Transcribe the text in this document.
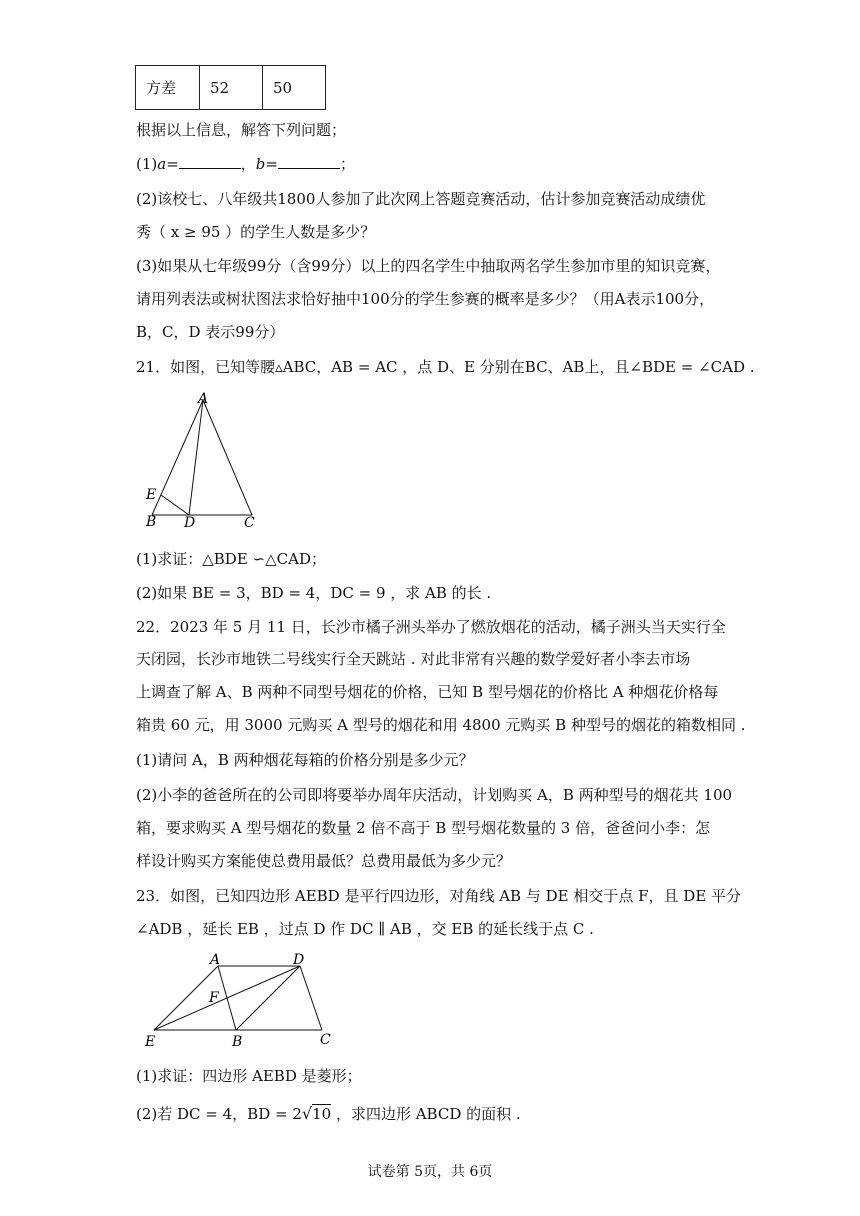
方差	52	50
根据以上信息，解答下列问题；
(1)a=	，b=	；
(2)该校七、八年级共1800人参加了此次网上答题竞赛活动，估计参加竞赛活动成绩优
秀（ x ≥ 95 ）的学生人数是多少？
(3)如果从七年级99分（含99分）以上的四名学生中抽取两名学生参加市里的知识竞赛，
请用列表法或树状图法求恰好抽中100分的学生参赛的概率是多少？（用A表示100分，
B，C，D 表示99分）
21．如图，已知等腰▵ABC，AB = AC ，点 D、E 分别在BC、AB上，且∠BDE = ∠CAD .
A
E
B D	C
(1)求证：△BDE ∽△CAD；
(2)如果 BE = 3，BD = 4，DC = 9 ，求 AB 的长 .
22．2023 年 5 月 11 日，长沙市橘子洲头举办了燃放烟花的活动，橘子洲头当天实行全
天闭园，长沙市地铁二号线实行全天跳站 . 对此非常有兴趣的数学爱好者小李去市场
上调查了解 A、B 两种不同型号烟花的价格，已知 B 型号烟花的价格比 A 种烟花价格每
箱贵 60 元，用 3000 元购买 A 型号的烟花和用 4800 元购买 B 种型号的烟花的箱数相同 .
(1)请问 A，B 两种烟花每箱的价格分别是多少元？
(2)小李的爸爸所在的公司即将要举办周年庆活动，计划购买 A，B 两种型号的烟花共 100
箱，要求购买 A 型号烟花的数量 2 倍不高于 B 型号烟花数量的 3 倍，爸爸问小李：怎
样设计购买方案能使总费用最低？总费用最低为多少元？
23．如图，已知四边形 AEBD 是平行四边形，对角线 AB 与 DE 相交于点 F，且 DE 平分
∠ADB ，延长 EB ，过点 D 作 DC ∥ AB ，交 EB 的延长线于点 C .
A	D
F
E	B	C
(1)求证：四边形 AEBD 是菱形；
(2)若 DC = 4，BD = 2√10 ，求四边形 ABCD 的面积 .
试卷第 5页，共 6页
